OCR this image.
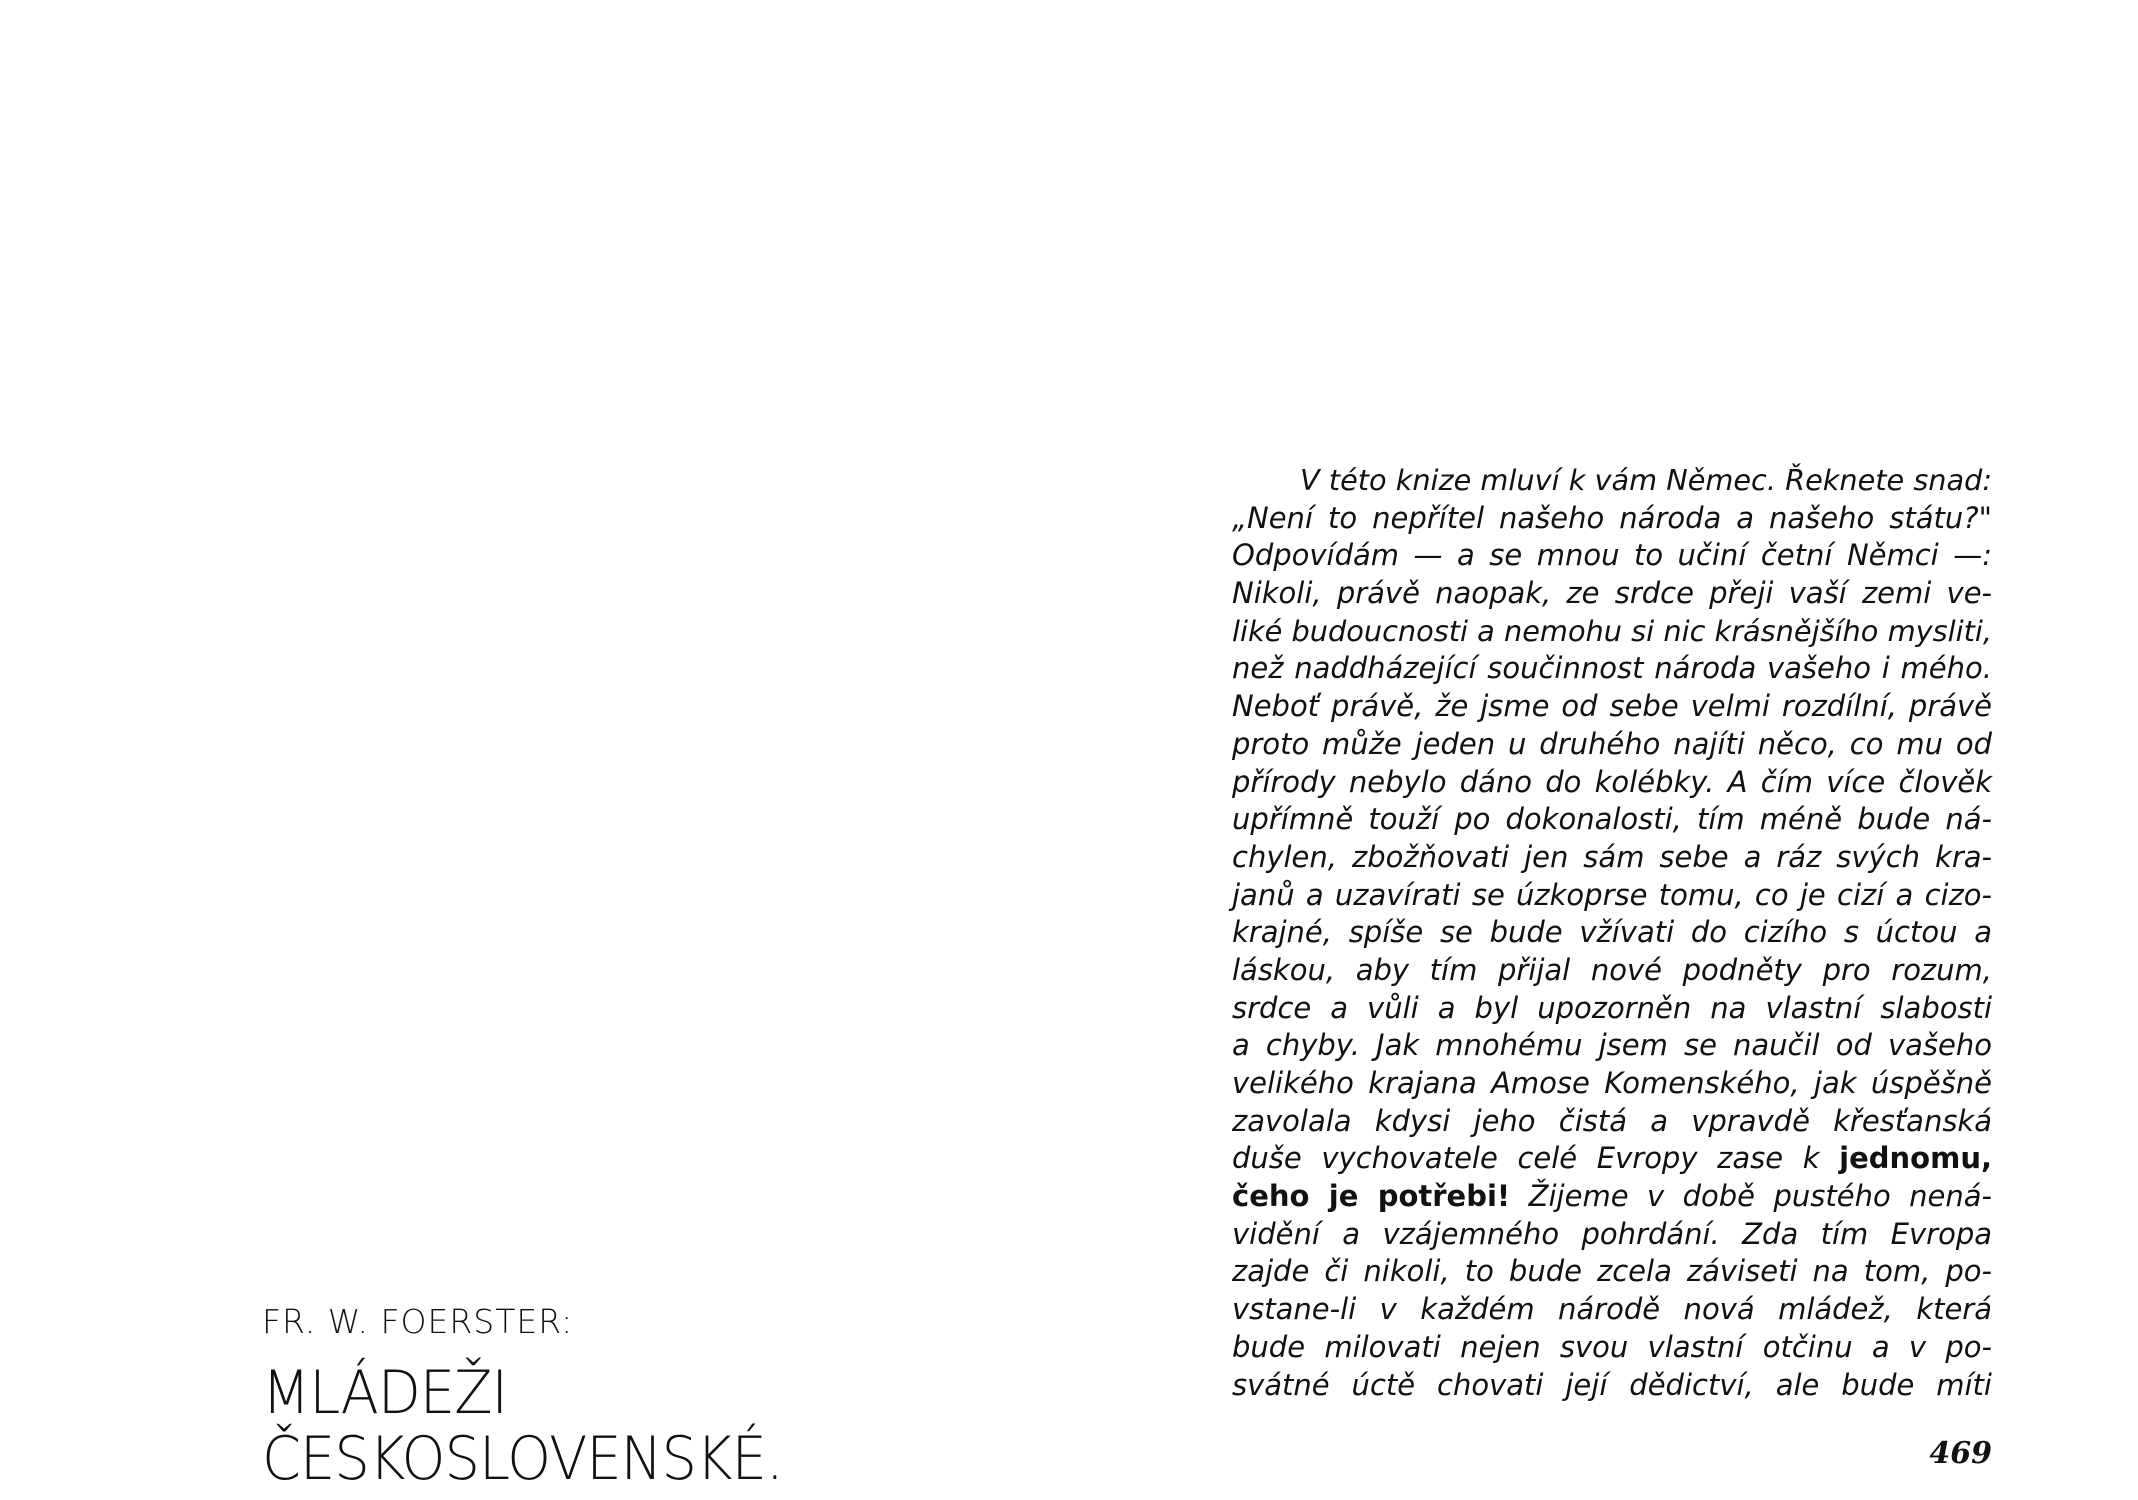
FR. W. FOERSTER:
MLÁDEŽI
ČESKOSLOVENSKÉ.
V této knize mluví k vám Němec. Řeknete snad:
„Není to nepřítel našeho národa a našeho státu?"
Odpovídám — a se mnou to učiní četní Němci —:
Nikoli, právě naopak, ze srdce přeji vaší zemi ve-
liké budoucnosti a nemohu si nic krásnějšího mysliti,
než naddházející součinnost národa vašeho i mého.
Neboť právě, že jsme od sebe velmi rozdílní, právě
proto může jeden u druhého najíti něco, co mu od
přírody nebylo dáno do kolébky. A čím více člověk
upřímně touží po dokonalosti, tím méně bude ná-
chylen, zbožňovati jen sám sebe a ráz svých kra-
janů a uzavírati se úzkoprse tomu, co je cizí a cizo-
krajné, spíše se bude vžívati do cizího s úctou a
láskou, aby tím přijal nové podněty pro rozum,
srdce a vůli a byl upozorněn na vlastní slabosti
a chyby. Jak mnohému jsem se naučil od vašeho
velikého krajana Amose Komenského, jak úspěšně
zavolala kdysi jeho čistá a vpravdě křesťanská
duše vychovatele celé Evropy zase k jednomu,
čeho je potřebi! Žijeme v době pustého nená-
vidění a vzájemného pohrdání. Zda tím Evropa
zajde či nikoli, to bude zcela záviseti na tom, po-
vstane-li v každém národě nová mládež, která
bude milovati nejen svou vlastní otčinu a v po-
svátné úctě chovati její dědictví, ale bude míti
469
